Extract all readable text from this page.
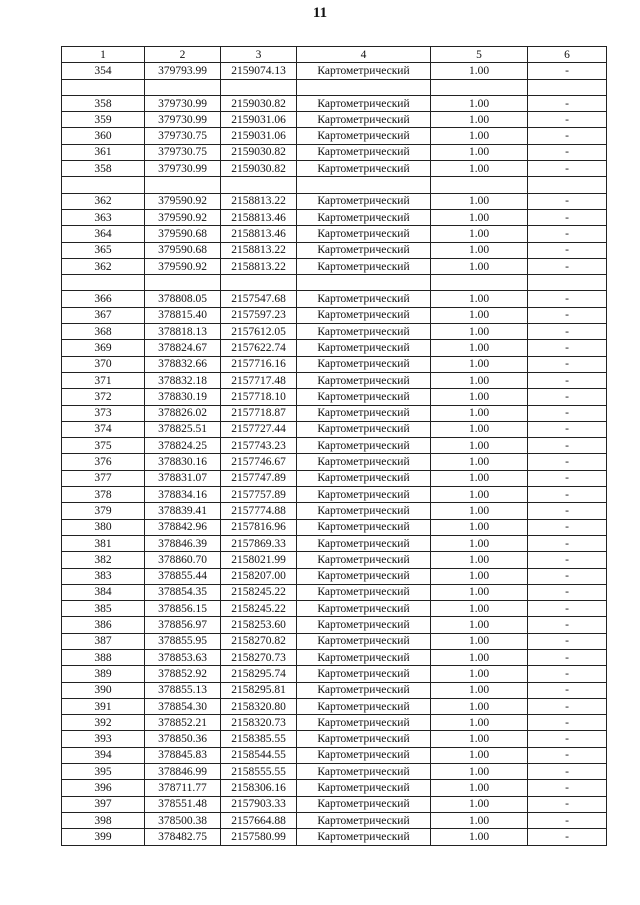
11
1	2	3	4	5	6
354	379793.99	2159074.13	Картометрический	1.00	-

358	379730.99	2159030.82	Картометрический	1.00	-
359	379730.99	2159031.06	Картометрический	1.00	-
360	379730.75	2159031.06	Картометрический	1.00	-
361	379730.75	2159030.82	Картометрический	1.00	-
358	379730.99	2159030.82	Картометрический	1.00	-

362	379590.92	2158813.22	Картометрический	1.00	-
363	379590.92	2158813.46	Картометрический	1.00	-
364	379590.68	2158813.46	Картометрический	1.00	-
365	379590.68	2158813.22	Картометрический	1.00	-
362	379590.92	2158813.22	Картометрический	1.00	-

366	378808.05	2157547.68	Картометрический	1.00	-
367	378815.40	2157597.23	Картометрический	1.00	-
368	378818.13	2157612.05	Картометрический	1.00	-
369	378824.67	2157622.74	Картометрический	1.00	-
370	378832.66	2157716.16	Картометрический	1.00	-
371	378832.18	2157717.48	Картометрический	1.00	-
372	378830.19	2157718.10	Картометрический	1.00	-
373	378826.02	2157718.87	Картометрический	1.00	-
374	378825.51	2157727.44	Картометрический	1.00	-
375	378824.25	2157743.23	Картометрический	1.00	-
376	378830.16	2157746.67	Картометрический	1.00	-
377	378831.07	2157747.89	Картометрический	1.00	-
378	378834.16	2157757.89	Картометрический	1.00	-
379	378839.41	2157774.88	Картометрический	1.00	-
380	378842.96	2157816.96	Картометрический	1.00	-
381	378846.39	2157869.33	Картометрический	1.00	-
382	378860.70	2158021.99	Картометрический	1.00	-
383	378855.44	2158207.00	Картометрический	1.00	-
384	378854.35	2158245.22	Картометрический	1.00	-
385	378856.15	2158245.22	Картометрический	1.00	-
386	378856.97	2158253.60	Картометрический	1.00	-
387	378855.95	2158270.82	Картометрический	1.00	-
388	378853.63	2158270.73	Картометрический	1.00	-
389	378852.92	2158295.74	Картометрический	1.00	-
390	378855.13	2158295.81	Картометрический	1.00	-
391	378854.30	2158320.80	Картометрический	1.00	-
392	378852.21	2158320.73	Картометрический	1.00	-
393	378850.36	2158385.55	Картометрический	1.00	-
394	378845.83	2158544.55	Картометрический	1.00	-
395	378846.99	2158555.55	Картометрический	1.00	-
396	378711.77	2158306.16	Картометрический	1.00	-
397	378551.48	2157903.33	Картометрический	1.00	-
398	378500.38	2157664.88	Картометрический	1.00	-
399	378482.75	2157580.99	Картометрический	1.00	-
